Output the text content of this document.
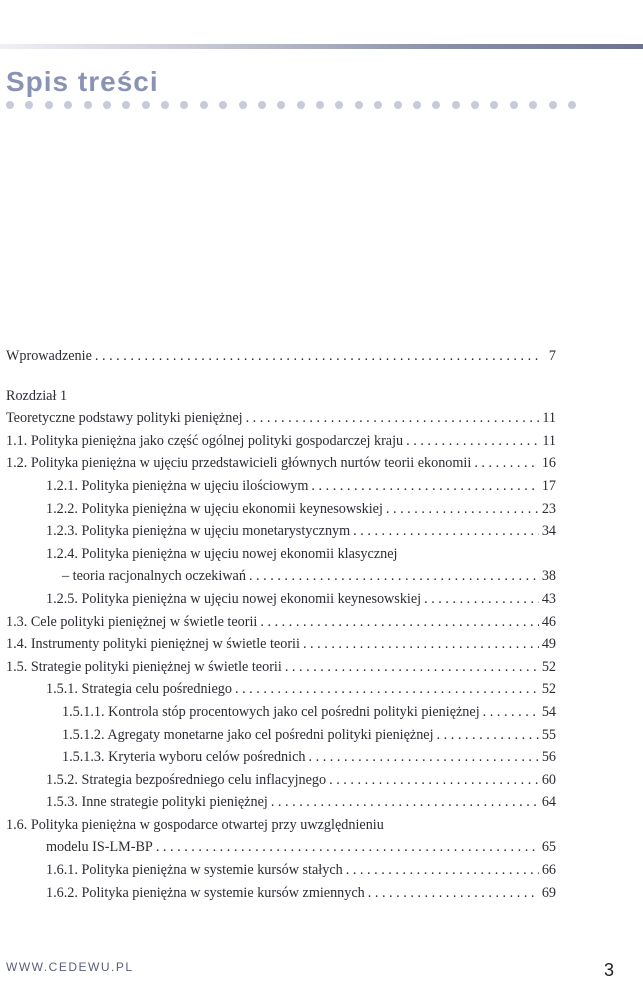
Spis treści
Wprowadzenie . . .	7
Rozdział 1
Teoretyczne podstawy polityki pieniężnej . . .	11
1.1. Polityka pieniężna jako część ogólnej polityki gospodarczej kraju . . .	11
1.2. Polityka pieniężna w ujęciu przedstawicieli głównych nurtów teorii ekonomii . . .	16
1.2.1. Polityka pieniężna w ujęciu ilościowym . . .	17
1.2.2. Polityka pieniężna w ujęciu ekonomii keynesowskiej . . .	23
1.2.3. Polityka pieniężna w ujęciu monetarystycznym . . .	34
1.2.4. Polityka pieniężna w ujęciu nowej ekonomii klasycznej
– teoria racjonalnych oczekiwań . . .	38
1.2.5. Polityka pieniężna w ujęciu nowej ekonomii keynesowskiej . . .	43
1.3. Cele polityki pieniężnej w świetle teorii . . .	46
1.4. Instrumenty polityki pieniężnej w świetle teorii . . .	49
1.5. Strategie polityki pieniężnej w świetle teorii . . .	52
1.5.1. Strategia celu pośredniego . . .	52
1.5.1.1. Kontrola stóp procentowych jako cel pośredni polityki pieniężnej . . .	54
1.5.1.2. Agregaty monetarne jako cel pośredni polityki pieniężnej . . .	55
1.5.1.3. Kryteria wyboru celów pośrednich . . .	56
1.5.2. Strategia bezpośredniego celu inflacyjnego . . .	60
1.5.3. Inne strategie polityki pieniężnej . . .	64
1.6. Polityka pieniężna w gospodarce otwartej przy uwzględnieniu
modelu IS-LM-BP . . .	65
1.6.1. Polityka pieniężna w systemie kursów stałych . . .	66
1.6.2. Polityka pieniężna w systemie kursów zmiennych . . .	69
WWW.CEDEWU.PL	3
